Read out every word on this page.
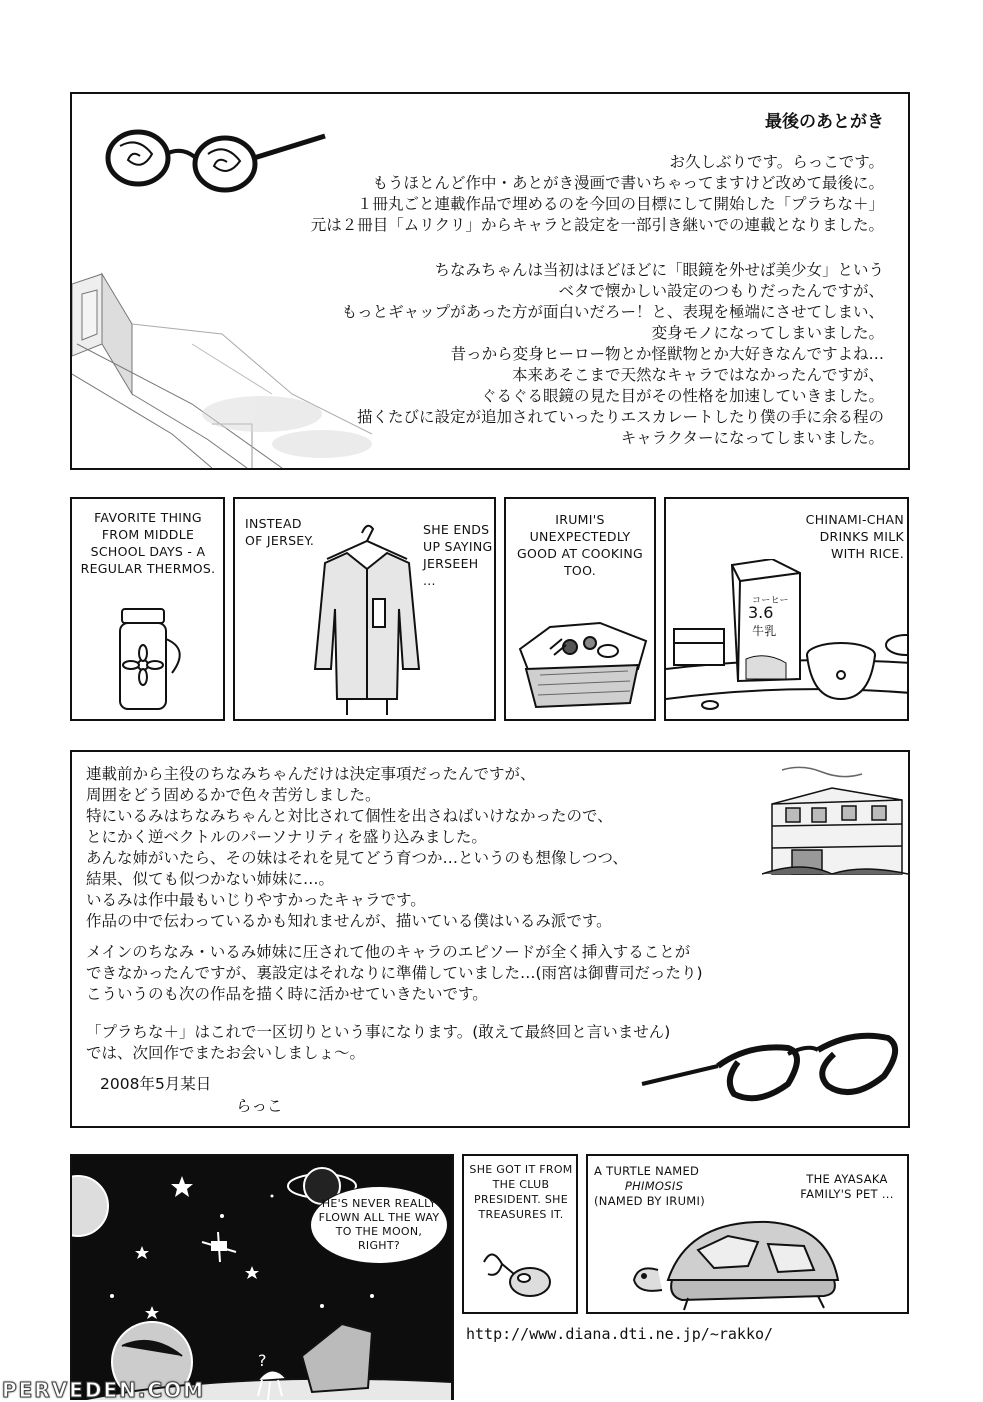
最後のあとがき
お久しぶりです。らっこです。
もうほとんど作中・あとがき漫画で書いちゃってますけど改めて最後に。
１冊丸ごと連載作品で埋めるのを今回の目標にして開始した「プラちな＋」
元は２冊目「ムリクリ」からキャラと設定を一部引き継いでの連載となりました。
ちなみちゃんは当初はほどほどに「眼鏡を外せば美少女」という
ベタで懐かしい設定のつもりだったんですが、
もっとギャップがあった方が面白いだろー！と、表現を極端にさせてしまい、
変身モノになってしまいました。
昔っから変身ヒーロー物とか怪獣物とか大好きなんですよね…
本来あそこまで天然なキャラではなかったんですが、
ぐるぐる眼鏡の見た目がその性格を加速していきました。
描くたびに設定が追加されていったりエスカレートしたり僕の手に余る程の
キャラクターになってしまいました。
FAVORITE THING FROM MIDDLE SCHOOL DAYS - A REGULAR THERMOS.
INSTEAD OF JERSEY.
SHE ENDS UP SAYING JERSEEH ...
IRUMI'S UNEXPECTEDLY GOOD AT COOKING TOO.
CHINAMI-CHAN DRINKS MILK WITH RICE.
コーヒー
3.6
牛乳
連載前から主役のちなみちゃんだけは決定事項だったんですが、
周囲をどう固めるかで色々苦労しました。
特にいるみはちなみちゃんと対比されて個性を出さねばいけなかったので、
とにかく逆ベクトルのパーソナリティを盛り込みました。
あんな姉がいたら、その妹はそれを見てどう育つか…というのも想像しつつ、
結果、似ても似つかない姉妹に…。
いるみは作中最もいじりやすかったキャラです。
作品の中で伝わっているかも知れませんが、描いている僕はいるみ派です。
メインのちなみ・いるみ姉妹に圧されて他のキャラのエピソードが全く挿入することが
できなかったんですが、裏設定はそれなりに準備していました…(雨宮は御曹司だったり)
こういうのも次の作品を描く時に活かせていきたいです。
「プラちな＋」はこれで一区切りという事になります。(敢えて最終回と言いません)
では、次回作でまたお会いしましょ〜。
2008年5月某日
らっこ
HE'S NEVER REALLY FLOWN ALL THE WAY TO THE MOON, RIGHT?
?
SHE GOT IT FROM THE CLUB PRESIDENT. SHE TREASURES IT.
A TURTLE NAMED
PHIMOSIS
(NAMED BY IRUMI)
THE AYASAKA FAMILY'S PET ...
http://www.diana.dti.ne.jp/~rakko/
PERVEDEN.COM
